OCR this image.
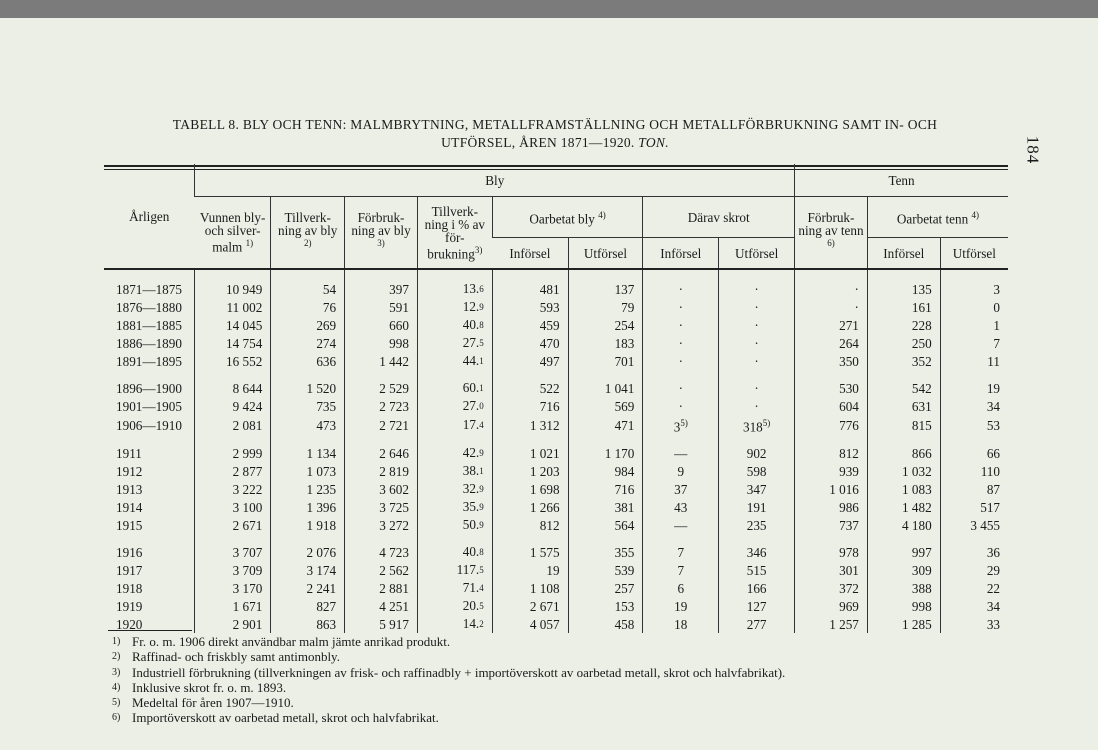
184
TABELL 8. BLY OCH TENN: MALMBRYTNING, METALLFRAMSTÄLLNING OCH METALLFÖRBRUKNING SAMT IN- OCH
UTFÖRSEL, ÅREN 1871—1920. TON.
Årligen	Bly								Tenn		
	Vunnen bly- och silver-malm $^{1)}$	Tillverk-ning av bly $^{2)}$	Förbruk-ning av bly $^{3)}$	Tillverk-ning i % av för-brukning$^{3)}$	Oarbetat bly $^{4)}$		Därav skrot		Förbruk-ning av tenn $^{6)}$	Oarbetat tenn $^{4)}$
					Införsel	Utförsel	Införsel	Utförsel		Införsel	Utförsel
1871—1875	10 949	54	397	13.6	481	137	·	·	·	135	3
1876—1880	11 002	76	591	12.9	593	79	·	·	·	161	0
1881—1885	14 045	269	660	40.8	459	254	·	·	271	228	1
1886—1890	14 754	274	998	27.5	470	183	·	·	264	250	7
1891—1895	16 552	636	1 442	44.1	497	701	·	·	350	352	11
1896—1900	8 644	1 520	2 529	60.1	522	1 041	·	·	530	542	19
1901—1905	9 424	735	2 723	27.0	716	569	·	·	604	631	34
1906—1910	2 081	473	2 721	17.4	1 312	471	3$^{5)}$	318$^{5)}$	776	815	53
1911	2 999	1 134	2 646	42.9	1 021	1 170	—	902	812	866	66
1912	2 877	1 073	2 819	38.1	1 203	984	9	598	939	1 032	110
1913	3 222	1 235	3 602	32.9	1 698	716	37	347	1 016	1 083	87
1914	3 100	1 396	3 725	35.9	1 266	381	43	191	986	1 482	517
1915	2 671	1 918	3 272	50.9	812	564	—	235	737	4 180	3 455
1916	3 707	2 076	4 723	40.8	1 575	355	7	346	978	997	36
1917	3 709	3 174	2 562	117.5	19	539	7	515	301	309	29
1918	3 170	2 241	2 881	71.4	1 108	257	6	166	372	388	22
1919	1 671	827	4 251	20.5	2 671	153	19	127	969	998	34
1920	2 901	863	5 917	14.2	4 057	458	18	277	1 257	1 285	33
1) Fr. o. m. 1906 direkt användbar malm jämte anrikad produkt.
2) Raffinad- och friskbly samt antimonbly.
3) Industriell förbrukning (tillverkningen av frisk- och raffinadbly + importöverskott av oarbetad metall, skrot och halvfabrikat).
4) Inklusive skrot fr. o. m. 1893.
5) Medeltal för åren 1907—1910.
6) Importöverskott av oarbetad metall, skrot och halvfabrikat.
